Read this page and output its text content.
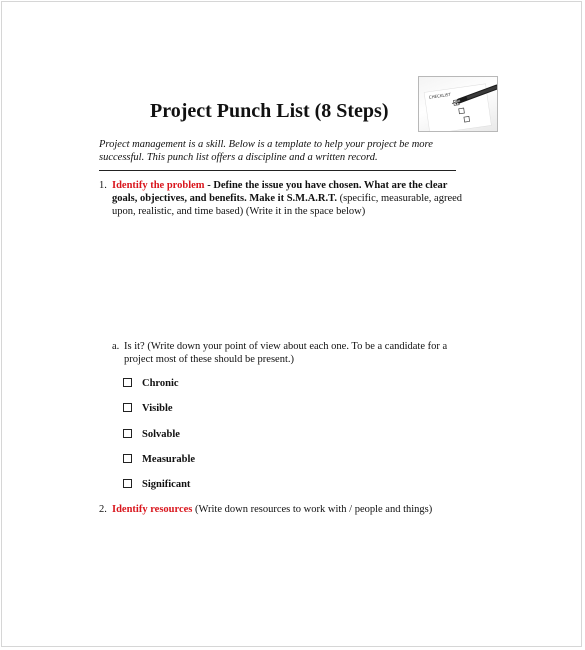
Project Punch List (8 Steps)
CHECKLIST

Project management is a skill. Below is a template to help your project be more successful. This punch list offers a discipline and a written record.

1. Identify the problem - Define the issue you have chosen. What are the clear goals, objectives, and benefits. Make it S.M.A.R.T. (specific, measurable, agreed upon, realistic, and time based) (Write it in the space below)
a. Is it? (Write down your point of view about each one. To be a candidate for a project most of these should be present.)
Chronic
Visible
Solvable
Measurable
Significant
2. Identify resources (Write down resources to work with / people and things)
